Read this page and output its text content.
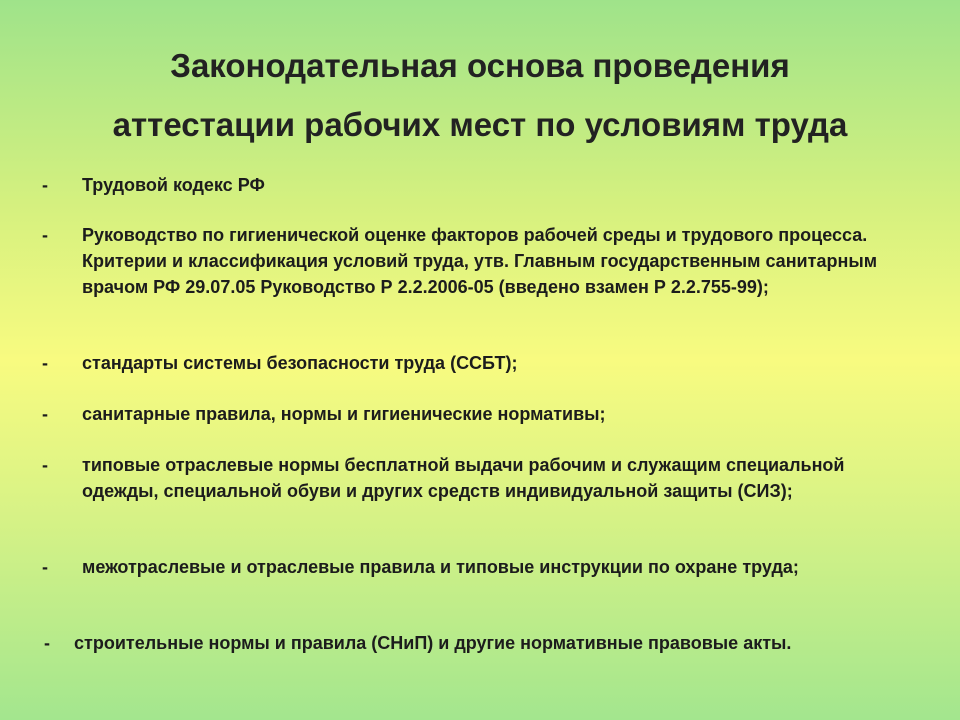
Законодательная основа проведения
аттестации рабочих мест по условиям труда
- Трудовой кодекс РФ
- Руководство по гигиенической оценке факторов рабочей среды и трудового процесса. Критерии и классификация условий труда, утв. Главным государственным санитарным врачом РФ 29.07.05 Руководство Р 2.2.2006-05 (введено взамен Р 2.2.755-99);
- стандарты системы безопасности труда (ССБТ);
- санитарные правила, нормы и гигиенические нормативы;
- типовые отраслевые нормы бесплатной выдачи рабочим и служащим специальной одежды, специальной обуви и других средств индивидуальной защиты (СИЗ);
- межотраслевые и отраслевые правила и типовые инструкции по охране труда;
- строительные нормы и правила (СНиП) и другие нормативные правовые акты.
